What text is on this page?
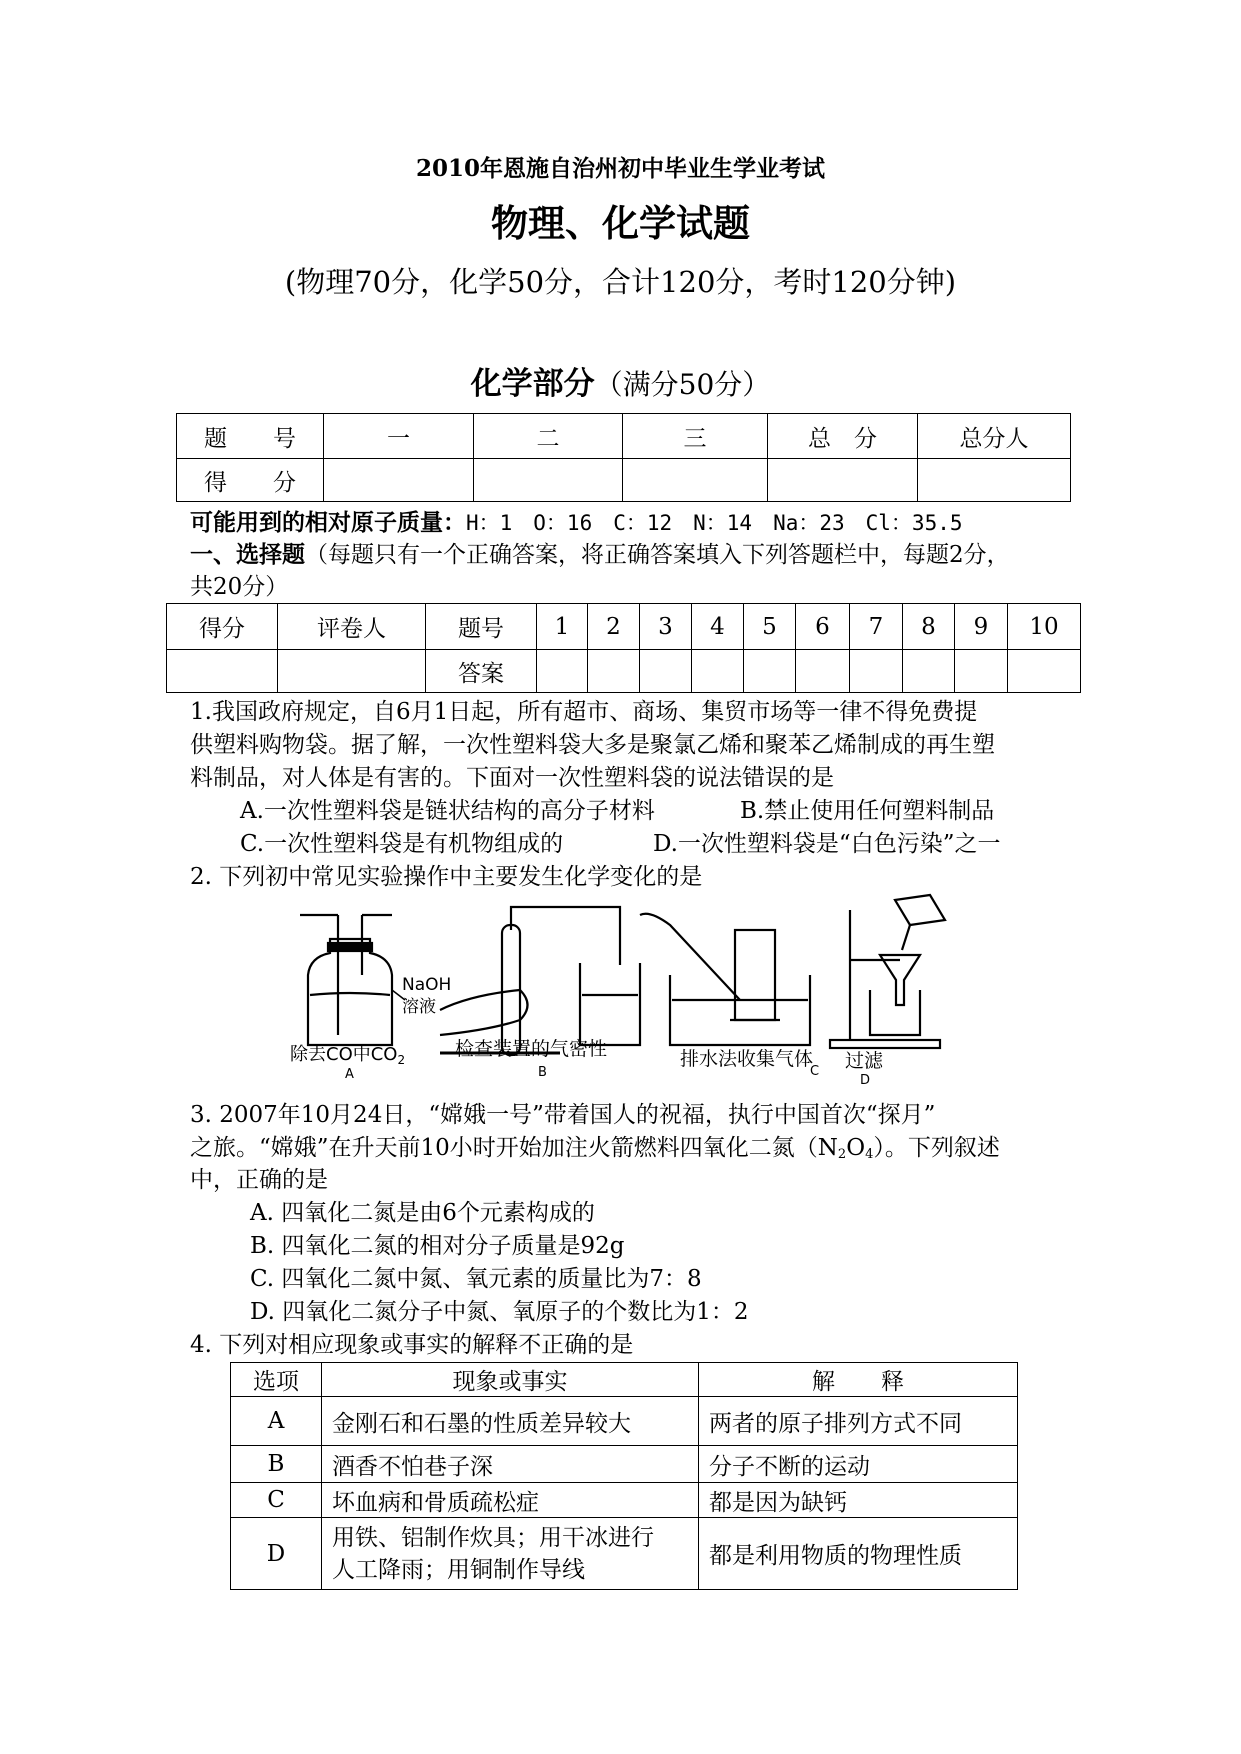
2010年恩施自治州初中毕业生学业考试
物理、化学试题
(物理70分，化学50分，合计120分，考时120分钟)
化学部分（满分50分）
题　　号	一	二	三	总　分	总分人
得　　分					
可能用到的相对原子质量：H：1　O：16　C：12　N：14　Na：23　Cl：35.5
一、选择题（每题只有一个正确答案，将正确答案填入下列答题栏中，每题2分，
共20分）
得分	评卷人	题号	1	2	3	4	5	6	7	8	9	10
		答案										
1.我国政府规定，自6月1日起，所有超市、商场、集贸市场等一律不得免费提
供塑料购物袋。据了解，一次性塑料袋大多是聚氯乙烯和聚苯乙烯制成的再生塑
料制品，对人体是有害的。下面对一次性塑料袋的说法错误的是
A.一次性塑料袋是链状结构的高分子材料	B.禁止使用任何塑料制品
C.一次性塑料袋是有机物组成的	D.一次性塑料袋是“白色污染”之一
2. 下列初中常见实验操作中主要发生化学变化的是
NaOH
溶液
除去CO中$CO_2$
A
检查装置的气密性
B
排水法收集气体
C 过滤
D
3. 2007年10月24日，“嫦娥一号”带着国人的祝福，执行中国首次“探月”
之旅。“嫦娥”在升天前10小时开始加注火箭燃料四氧化二氮$(N_2O_4)$。下列叙述
中，正确的是
A. 四氧化二氮是由6个元素构成的
B. 四氧化二氮的相对分子质量是92g
C. 四氧化二氮中氮、氧元素的质量比为7：8
D. 四氧化二氮分子中氮、氧原子的个数比为1：2
4. 下列对相应现象或事实的解释不正确的是
选项	现象或事实	解　　释
A	金刚石和石墨的性质差异较大	两者的原子排列方式不同
B	酒香不怕巷子深	分子不断的运动
C	坏血病和骨质疏松症	都是因为缺钙
D	用铁、铝制作炊具；用干冰进行
人工降雨；用铜制作导线	都是利用物质的物理性质
